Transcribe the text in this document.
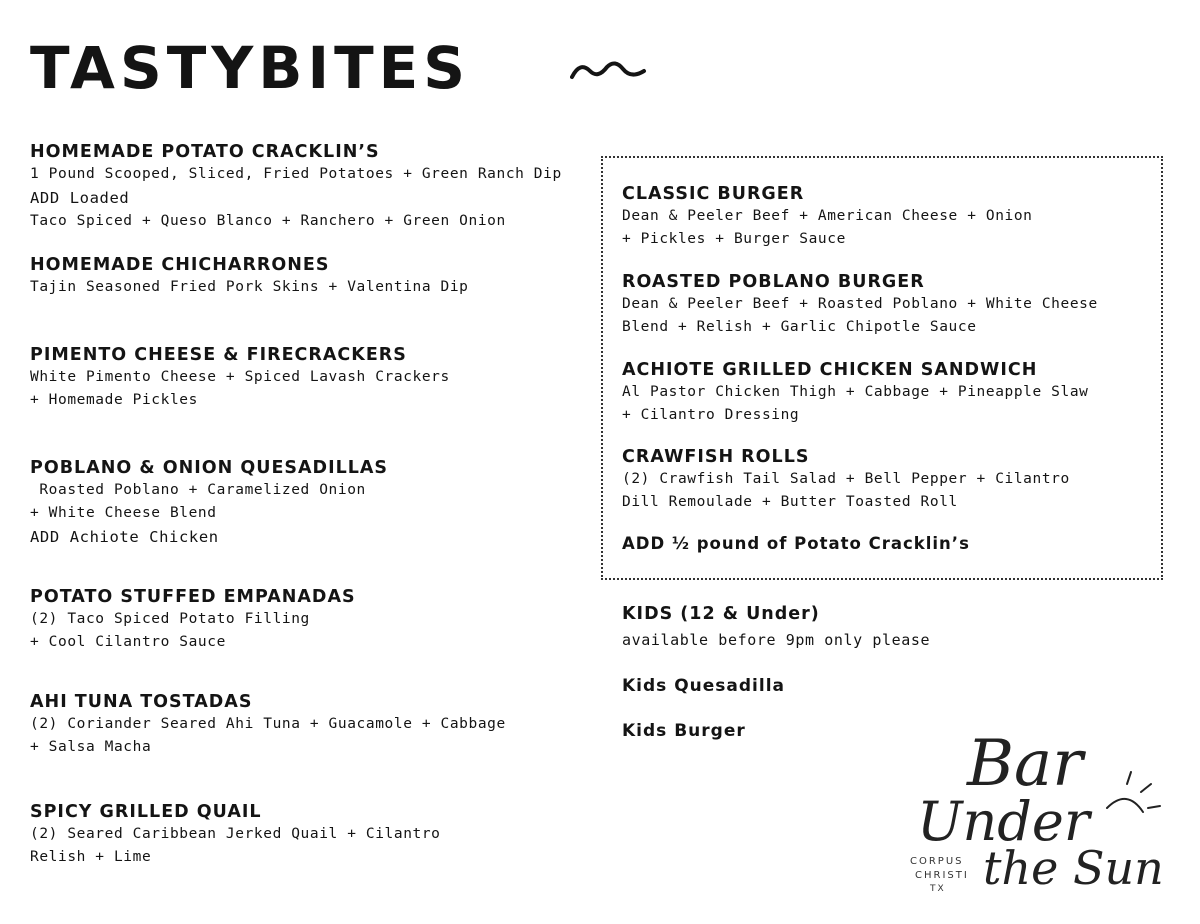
TASTYBITES
HOMEMADE POTATO CRACKLIN’S
1 Pound Scooped, Sliced, Fried Potatoes + Green Ranch Dip
ADD Loaded
Taco Spiced + Queso Blanco + Ranchero + Green Onion
HOMEMADE CHICHARRONES
Tajin Seasoned Fried Pork Skins + Valentina Dip
PIMENTO CHEESE & FIRECRACKERS
White Pimento Cheese + Spiced Lavash Crackers
+ Homemade Pickles
POBLANO & ONION QUESADILLAS
Roasted Poblano + Caramelized Onion
+ White Cheese Blend
ADD Achiote Chicken
POTATO STUFFED EMPANADAS
(2) Taco Spiced Potato Filling
+ Cool Cilantro Sauce
AHI TUNA TOSTADAS
(2) Coriander Seared Ahi Tuna + Guacamole + Cabbage
+ Salsa Macha
SPICY GRILLED QUAIL
(2) Seared Caribbean Jerked Quail + Cilantro
Relish + Lime
CLASSIC BURGER
Dean & Peeler Beef + American Cheese + Onion
+ Pickles + Burger Sauce
ROASTED POBLANO BURGER
Dean & Peeler Beef + Roasted Poblano + White Cheese
Blend + Relish + Garlic Chipotle Sauce
ACHIOTE GRILLED CHICKEN SANDWICH
Al Pastor Chicken Thigh + Cabbage + Pineapple Slaw
+ Cilantro Dressing
CRAWFISH ROLLS
(2) Crawfish Tail Salad + Bell Pepper + Cilantro
Dill Remoulade + Butter Toasted Roll
ADD ½ pound of Potato Cracklin’s
KIDS (12 & Under)
available before 9pm only please
Kids Quesadilla
Kids Burger	Bar
Under
the Sun
CORPUS
CHRISTI
TX
